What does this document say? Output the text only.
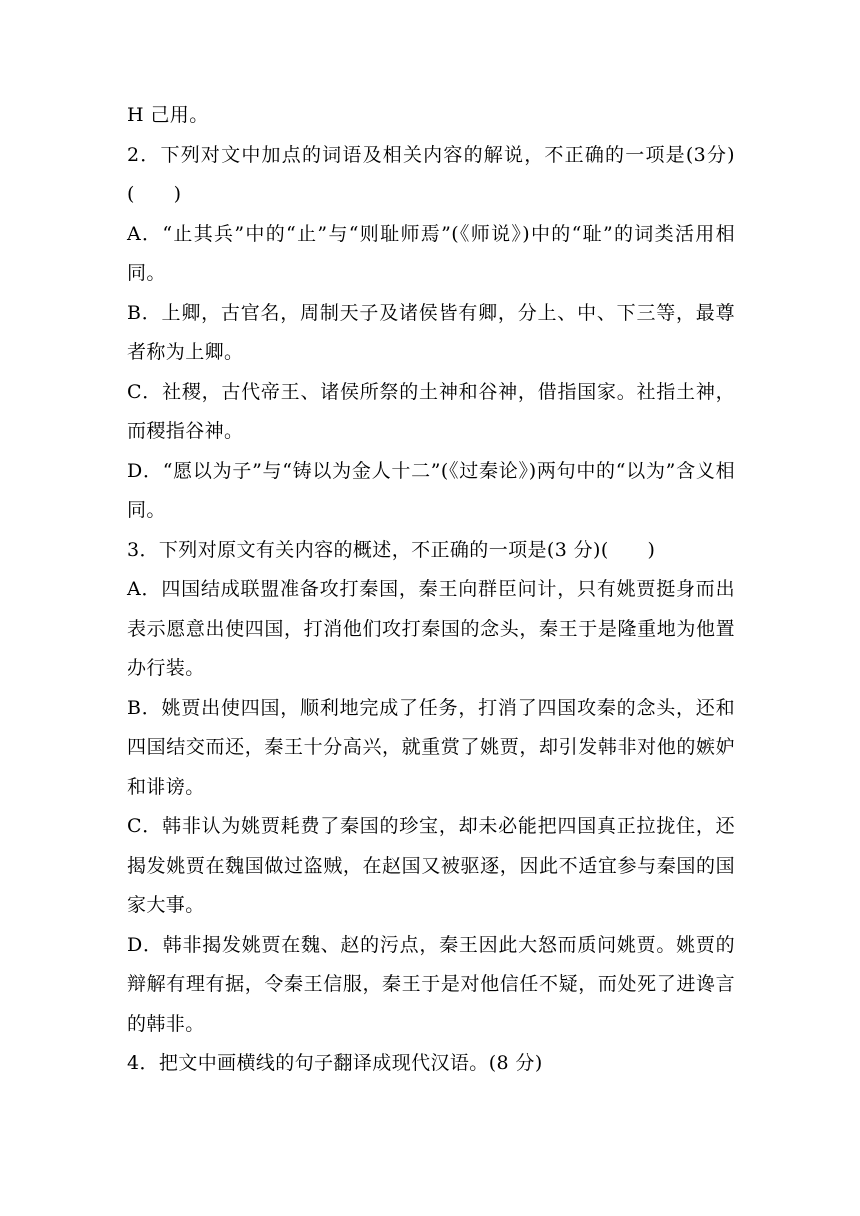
H 己用。

2．下列对文中加点的词语及相关内容的解说，不正确的一项是(3分)(　　)

A．“止其兵”中的“止”与“则耻师焉”(《师说》)中的“耻”的词类活用相同。

B．上卿，古官名，周制天子及诸侯皆有卿，分上、中、下三等，最尊者称为上卿。

C．社稷，古代帝王、诸侯所祭的土神和谷神，借指国家。社指土神，而稷指谷神。

D．“愿以为子”与“铸以为金人十二”(《过秦论》)两句中的“以为”含义相同。

3．下列对原文有关内容的概述，不正确的一项是(3 分)(　　)

A．四国结成联盟准备攻打秦国，秦王向群臣问计，只有姚贾挺身而出表示愿意出使四国，打消他们攻打秦国的念头，秦王于是隆重地为他置办行装。

B．姚贾出使四国，顺利地完成了任务，打消了四国攻秦的念头，还和四国结交而还，秦王十分高兴，就重赏了姚贾，却引发韩非对他的嫉妒和诽谤。

C．韩非认为姚贾耗费了秦国的珍宝，却未必能把四国真正拉拢住，还揭发姚贾在魏国做过盗贼，在赵国又被驱逐，因此不适宜参与秦国的国家大事。

D．韩非揭发姚贾在魏、赵的污点，秦王因此大怒而质问姚贾。姚贾的辩解有理有据，令秦王信服，秦王于是对他信任不疑，而处死了进谗言的韩非。

4．把文中画横线的句子翻译成现代汉语。(8 分)
